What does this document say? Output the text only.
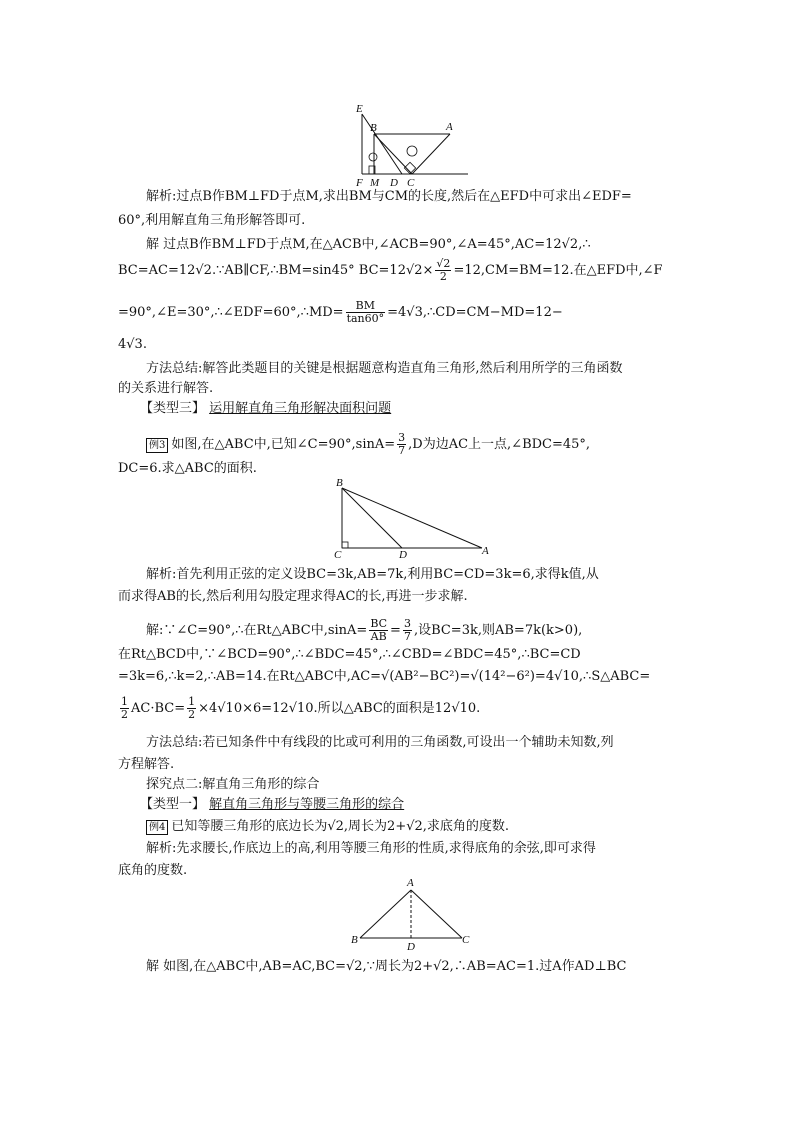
E
B	A
F M D C
解析:过点B作BM⊥FD于点M,求出BM与CM的长度,然后在△EFD中可求出∠EDF=
60°,利用解直角三角形解答即可.
解 过点B作BM⊥FD于点M,在△ACB中,∠ACB=90°,∠A=45°,AC=12√2,∴
BC=AC=12√2.∵AB∥CF,∴BM=sin45° $BC=12√2\times \frac{√2}{2} =12,CM=BM=12$.在△EFD中,∠F
=90°,∠E=30°,∴∠EDF=60°,∴MD= $\frac{BM}{\tan 60^\circ}$ =4√3,∴CD=CM−MD=12−
4√3.
方法总结:解答此类题目的关键是根据题意构造直角三角形,然后利用所学的三角函数
的关系进行解答.
【类型三】 运用解直角三角形解决面积问题
例3 如图,在△ABC中,已知∠C=90°,sinA= $\frac{3}{7} ,D$为边AC上一点,∠BDC=45°,
DC=6.求△ABC的面积.
B
C	D	A
解析:首先利用正弦的定义设BC=3k,AB=7k,利用BC=CD=3k=6,求得k值,从
而求得AB的长,然后利用勾股定理求得AC的长,再进一步求解.
解:∵∠C=90°,∴在Rt△ABC中$,\sin A= \frac{BC}{AB} = \frac{3}{7}$ ,设BC=3k,则AB=7k(k>0),
在Rt△BCD中,∵∠BCD=90°,∴∠BDC=45°,∴∠CBD=∠BDC=45°,∴BC=CD
=3k=6,∴k=2,∴AB=14.在Rt△ABC中,AC=√(AB²−BC²)=√(14²−6²)=4√10,∴S△ABC=
$\frac{1}{2} AC\cdot BC= \frac{1}{2} \times 4√10\times 6=12√10$.所以△ABC的面积是12√10.
方法总结:若已知条件中有线段的比或可利用的三角函数,可设出一个辅助未知数,列
方程解答.
探究点二:解直角三角形的综合
【类型一】 解直角三角形与等腰三角形的综合
例4 已知等腰三角形的底边长为√2,周长为2+√2,求底角的度数.
解析:先求腰长,作底边上的高,利用等腰三角形的性质,求得底角的余弦,即可求得
底角的度数.
A
B
D
C
解 如图,在△ABC中,AB=AC,BC=√2,∵周长为2+√2,∴AB=AC=1.过A作AD⊥BC
